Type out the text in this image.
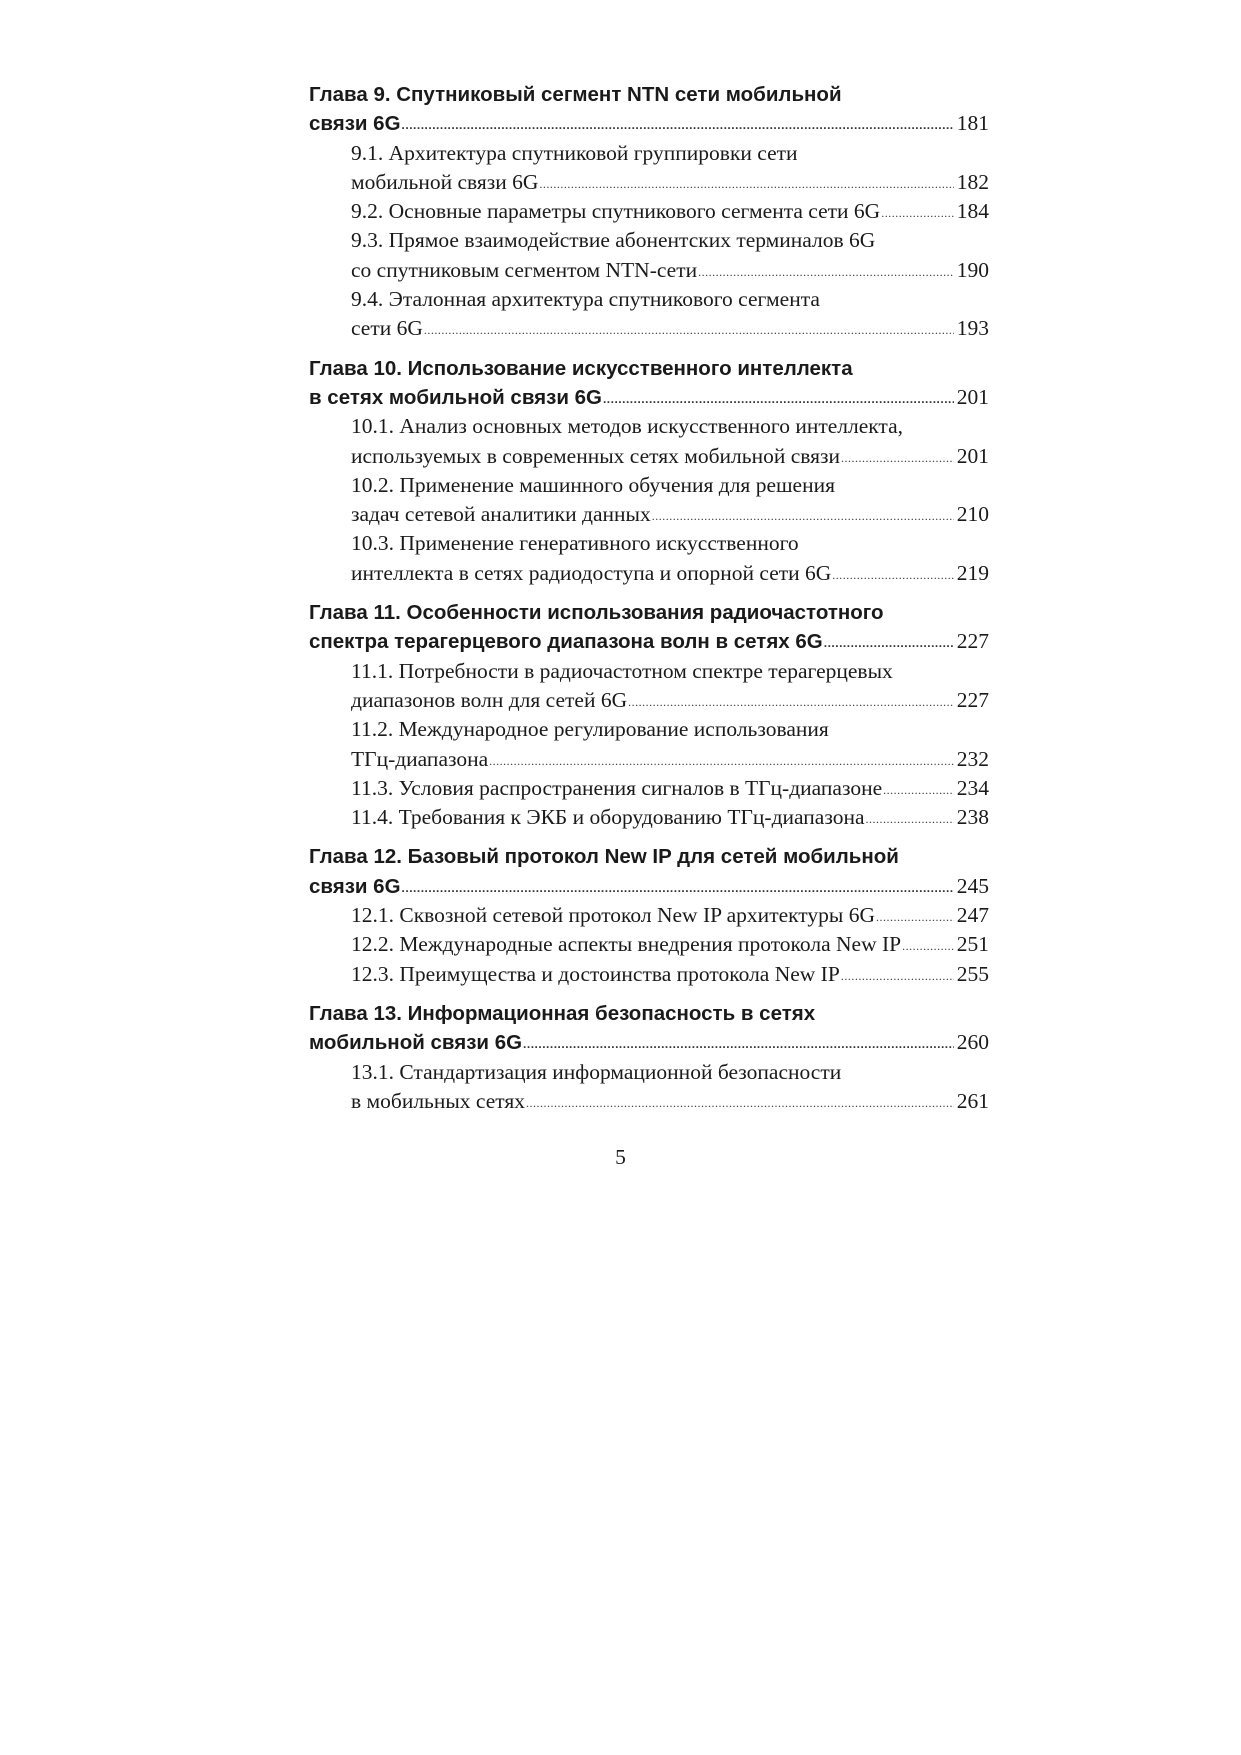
Глава 9. Спутниковый сегмент NTN сети мобильной
связи 6G .....	181
9.1. Архитектура спутниковой группировки сети
мобильной связи 6G .....	182
9.2. Основные параметры спутникового сегмента сети 6G .....	184
9.3. Прямое взаимодействие абонентских терминалов 6G
со спутниковым сегментом NTN-сети .....	190
9.4. Эталонная архитектура спутникового сегмента
сети 6G .....	193
Глава 10. Использование искусственного интеллекта
в сетях мобильной связи 6G .....	201
10.1. Анализ основных методов искусственного интеллекта,
используемых в современных сетях мобильной связи .....	201
10.2. Применение машинного обучения для решения
задач сетевой аналитики данных .....	210
10.3. Применение генеративного искусственного
интеллекта в сетях радиодоступа и опорной сети 6G .....	219
Глава 11. Особенности использования радиочастотного
спектра терагерцевого диапазона волн в сетях 6G .....	227
11.1. Потребности в радиочастотном спектре терагерцевых
диапазонов волн для сетей 6G .....	227
11.2. Международное регулирование использования
ТГц-диапазона .....	232
11.3. Условия распространения сигналов в ТГц-диапазоне .....	234
11.4. Требования к ЭКБ и оборудованию ТГц-диапазона .....	238
Глава 12. Базовый протокол New IP для сетей мобильной
связи 6G .....	245
12.1. Сквозной сетевой протокол New IP архитектуры 6G .....	247
12.2. Международные аспекты внедрения протокола New IP .....	251
12.3. Преимущества и достоинства протокола New IP .....	255
Глава 13. Информационная безопасность в сетях
мобильной связи 6G .....	260
13.1. Стандартизация информационной безопасности
в мобильных сетях .....	261
5
